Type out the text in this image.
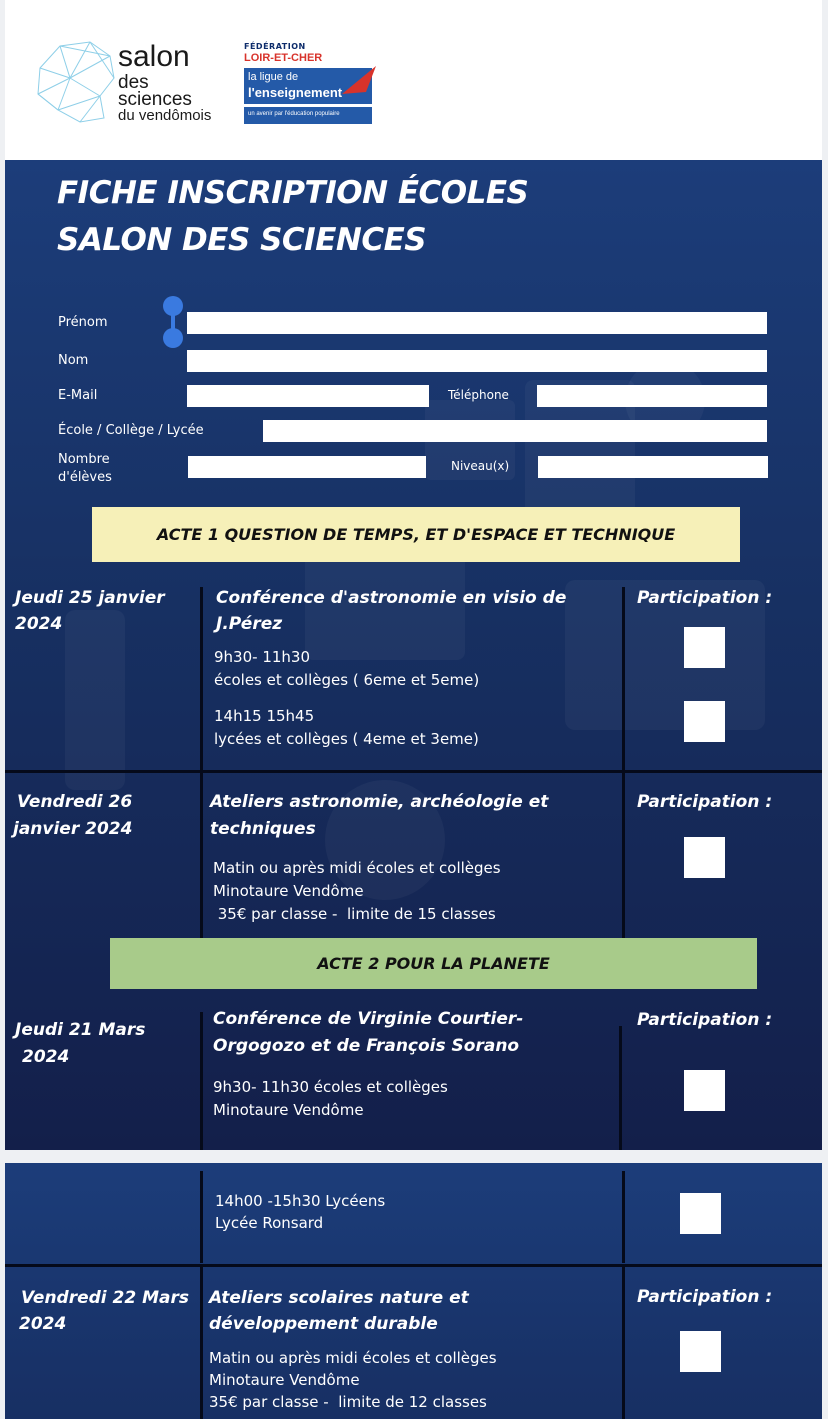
salon
des
sciences
du vendômois
FÉDÉRATION
LOIR-ET-CHER
la ligue de
l'enseignement
un avenir par l'éducation populaire
FICHE INSCRIPTION ÉCOLES
SALON DES SCIENCES
Prénom
Nom
E-Mail	Téléphone
École / Collège / Lycée
Nombre
d'élèves
Niveau(x)
ACTE 1 QUESTION DE TEMPS, ET D'ESPACE ET TECHNIQUE
Jeudi 25 janvier
2024
Conférence d'astronomie en visio de
J.Pérez
9h30- 11h30
écoles et collèges ( 6eme et 5eme)
14h15 15h45
lycées et collèges ( 4eme et 3eme)
Participation :
Vendredi 26
janvier 2024
Ateliers astronomie, archéologie et
techniques
Matin ou après midi écoles et collèges
Minotaure Vendôme
35€ par classe -  limite de 15 classes
Participation :
ACTE 2 POUR LA PLANETE
Jeudi 21 Mars
2024
Conférence de Virginie Courtier-
Orgogozo et de François Sorano
9h30- 11h30 écoles et collèges
Minotaure Vendôme
Participation :
14h00 -15h30 Lycéens
Lycée Ronsard
Vendredi 22 Mars
2024
Ateliers scolaires nature et
développement durable
Matin ou après midi écoles et collèges
Minotaure Vendôme
35€ par classe -  limite de 12 classes
Participation :
